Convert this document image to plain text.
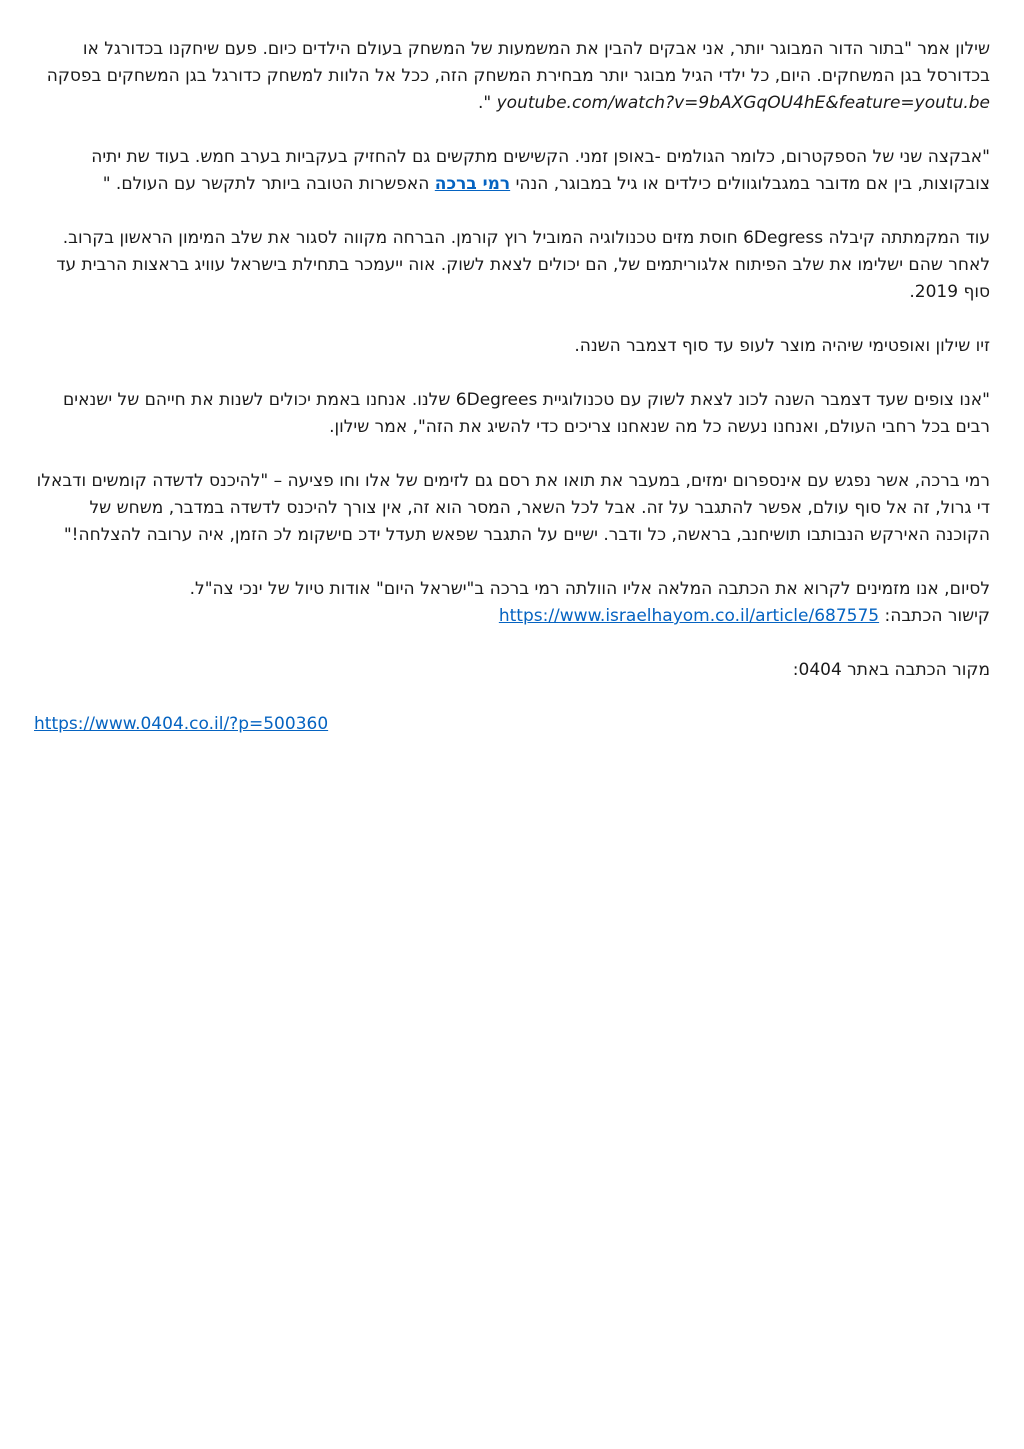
שילון אמר "בתור הדור המבוגר יותר, אני אבקים להבין את המשמעות של המשחק בעולם הילדים כיום. פעם שיחקנו בכדורגל או בכדורסל בגן המשחקים. היום, כל ילדי הגיל מבוגר יותר מבחירת המשחק הזה, ככל אל הלוות למשחק כדורגל בגן המשחקים בפסקה youtube.com/watch?v=9bAXGqOU4hE&feature=youtu.be ".

"אבקצה שני של הספקטרום, כלומר הגולמים -באופן זמני. הקשישים מתקשים גם להחזיק בעקביות בערב חמש. בעוד שת יתיה צובקוצות, בין אם מדובר במגבלוגוולים כילדים או גיל במבוגר, הנהי רמי ברכה האפשרות הטובה ביותר לתקשר עם העולם. "

עוד המקמתתה קיבלה 6Degress חוסת מזים טכנולוגיה המוביל רוץ קורמן. הברחה מקווה לסגור את שלב המימון הראשון בקרוב. לאחר שהם ישלימו את שלב הפיתוח אלגוריתמים של, הם יכולים לצאת לשוק. אוה ייעמכר בתחילת בישראל עוויג בראצות הרבית עד סוף 2019.

זיו שילון ואופטימי שיהיה מוצר לעופ עד סוף דצמבר השנה.

"אנו צופים שעד דצמבר השנה לכונ לצאת לשוק עם טכנולוגיית 6Degrees שלנו. אנחנו באמת יכולים לשנות את חייהם של ישנאים רבים בכל רחבי העולם, ואנחנו נעשה כל מה שנאחנו צריכים כדי להשיג את הזה", אמר שילון.

רמי ברכה, אשר נפגש עם אינספרום ימזים, במעבר את תואו את רסם גם לזימים של אלו וחו פציעה – "להיכנס לדשדה קומשים ודבאלו די גרול, זה אל סוף עולם, אפשר להתגבר על זה. אבל לכל השאר, המסר הוא זה, אין צורך להיכנס לדשדה במדבר, משחש של הקוכנה האירקש הנבותבו תושיחנב, בראשה, כל ודבר. ישיים על התגבר שפאש תעדל ידכ םישקומ לכ הזמן, איה ערובה להצלחה!"

לסיום, אנו מזמינים לקרוא את הכתבה המלאה אליו הוולתה רמי ברכה ב"ישראל היום" אודות טיול של ינכי צה"ל.
קישור הכתבה: https://www.israelhayom.co.il/article/687575

מקור הכתבה באתר 0404:

https://www.0404.co.il/?p=500360
